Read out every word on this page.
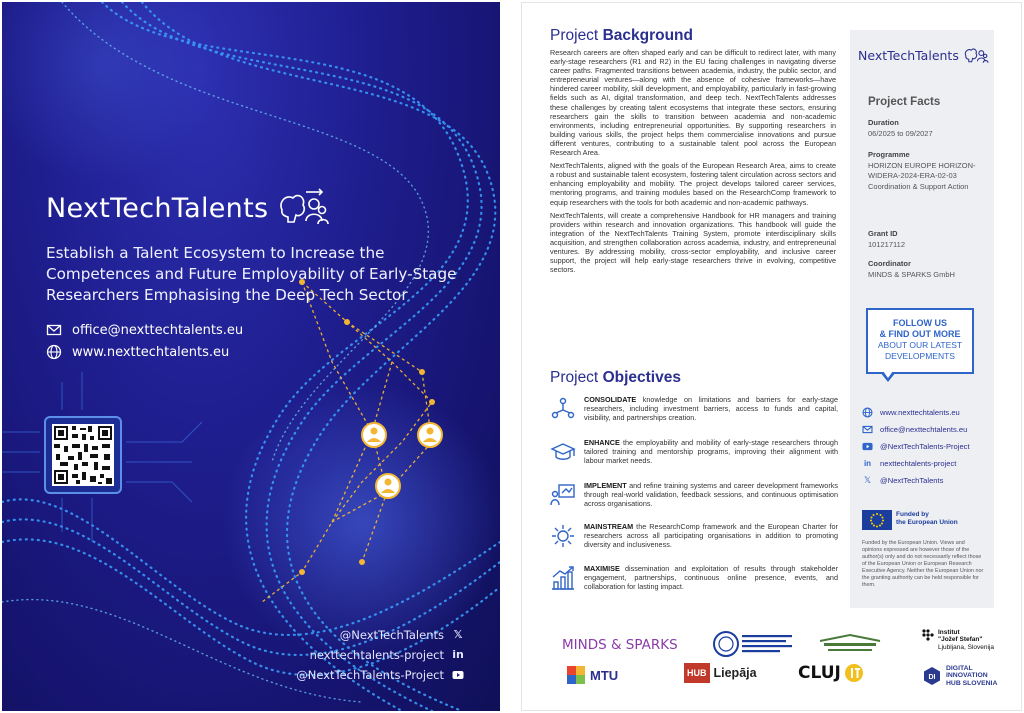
NextTechTalents
Establish a Talent Ecosystem to Increase the Competences and Future Employability of Early-Stage Researchers Emphasising the Deep Tech Sector
office@nexttechtalents.eu
www.nexttechtalents.eu
@NextTechTalents 𝕏
nexttechtalents-project in
@NextTechTalents-Project
Project Background

Research careers are often shaped early and can be difficult to redirect later, with many early-stage researchers (R1 and R2) in the EU facing challenges in navigating diverse career paths. Fragmented transitions between academia, industry, the public sector, and entrepreneurial ventures—along with the absence of cohesive frameworks—have hindered career mobility, skill development, and employability, particularly in fast-growing fields such as AI, digital transformation, and deep tech. NextTechTalents addresses these challenges by creating talent ecosystems that integrate these sectors, ensuring researchers gain the skills to transition between academia and non-academic environments, including entrepreneurial opportunities. By supporting researchers in building various skills, the project helps them commercialise innovations and pursue different ventures, contributing to a sustainable talent pool across the European Research Area.

NextTechTalents, aligned with the goals of the European Research Area, aims to create a robust and sustainable talent ecosystem, fostering talent circulation across sectors and enhancing employability and mobility. The project develops tailored career services, mentoring programs, and training modules based on the ResearchComp framework to equip researchers with the tools for both academic and non-academic pathways.

NextTechTalents, will create a comprehensive Handbook for HR managers and training providers within research and innovation organizations. This handbook will guide the integration of the NextTechTalents Training System, promote interdisciplinary skills acquisition, and strengthen collaboration across academia, industry, and entrepreneurial ventures. By addressing mobility, cross-sector employability, and inclusive career support, the project will help early-stage researchers thrive in evolving, competitive sectors.

Project Objectives
CONSOLIDATE knowledge on limitations and barriers for early-stage researchers, including investment barriers, access to funds and capital, visibility, and partnerships creation.
ENHANCE the employability and mobility of early-stage researchers through tailored training and mentorship programs, improving their alignment with labour market needs.
IMPLEMENT and refine training systems and career development frameworks through real-world validation, feedback sessions, and continuous optimisation across organisations.
MAINSTREAM the ResearchComp framework and the European Charter for researchers across all participating organisations in addition to promoting diversity and inclusiveness.
MAXIMISE dissemination and exploitation of results through stakeholder engagement, partnerships, continuous online presence, events, and collaboration for lasting impact.
NextTechTalents
Project Facts
Duration
06/2025 to 09/2027
Programme
HORIZON EUROPE HORIZON-WIDERA-2024-ERA-02-03 Coordination & Support Action
Grant ID
101217112
Coordinator
MINDS & SPARKS GmbH
FOLLOW US
& FIND OUT MORE
ABOUT OUR LATEST
DEVELOPMENTS
www.nexttechtalents.eu
office@nexttechtalents.eu
@NextTechTalents-Project
in nexttechtalents-project
𝕏 @NextTechTalents
Funded by
the European Union
Funded by the European Union. Views and opinions expressed are however those of the author(s) only and do not necessarily reflect those of the European Union or European Research Executive Agency. Neither the European Union nor the granting authority can be held responsible for them.
MINDS & SPARKS
Institut
"Jožef Stefan"
Ljubljana, Slovenija
MTU	HUB Liepāja CLUJ	DI
DIGITAL
INNOVATION
HUB SLOVENIA
